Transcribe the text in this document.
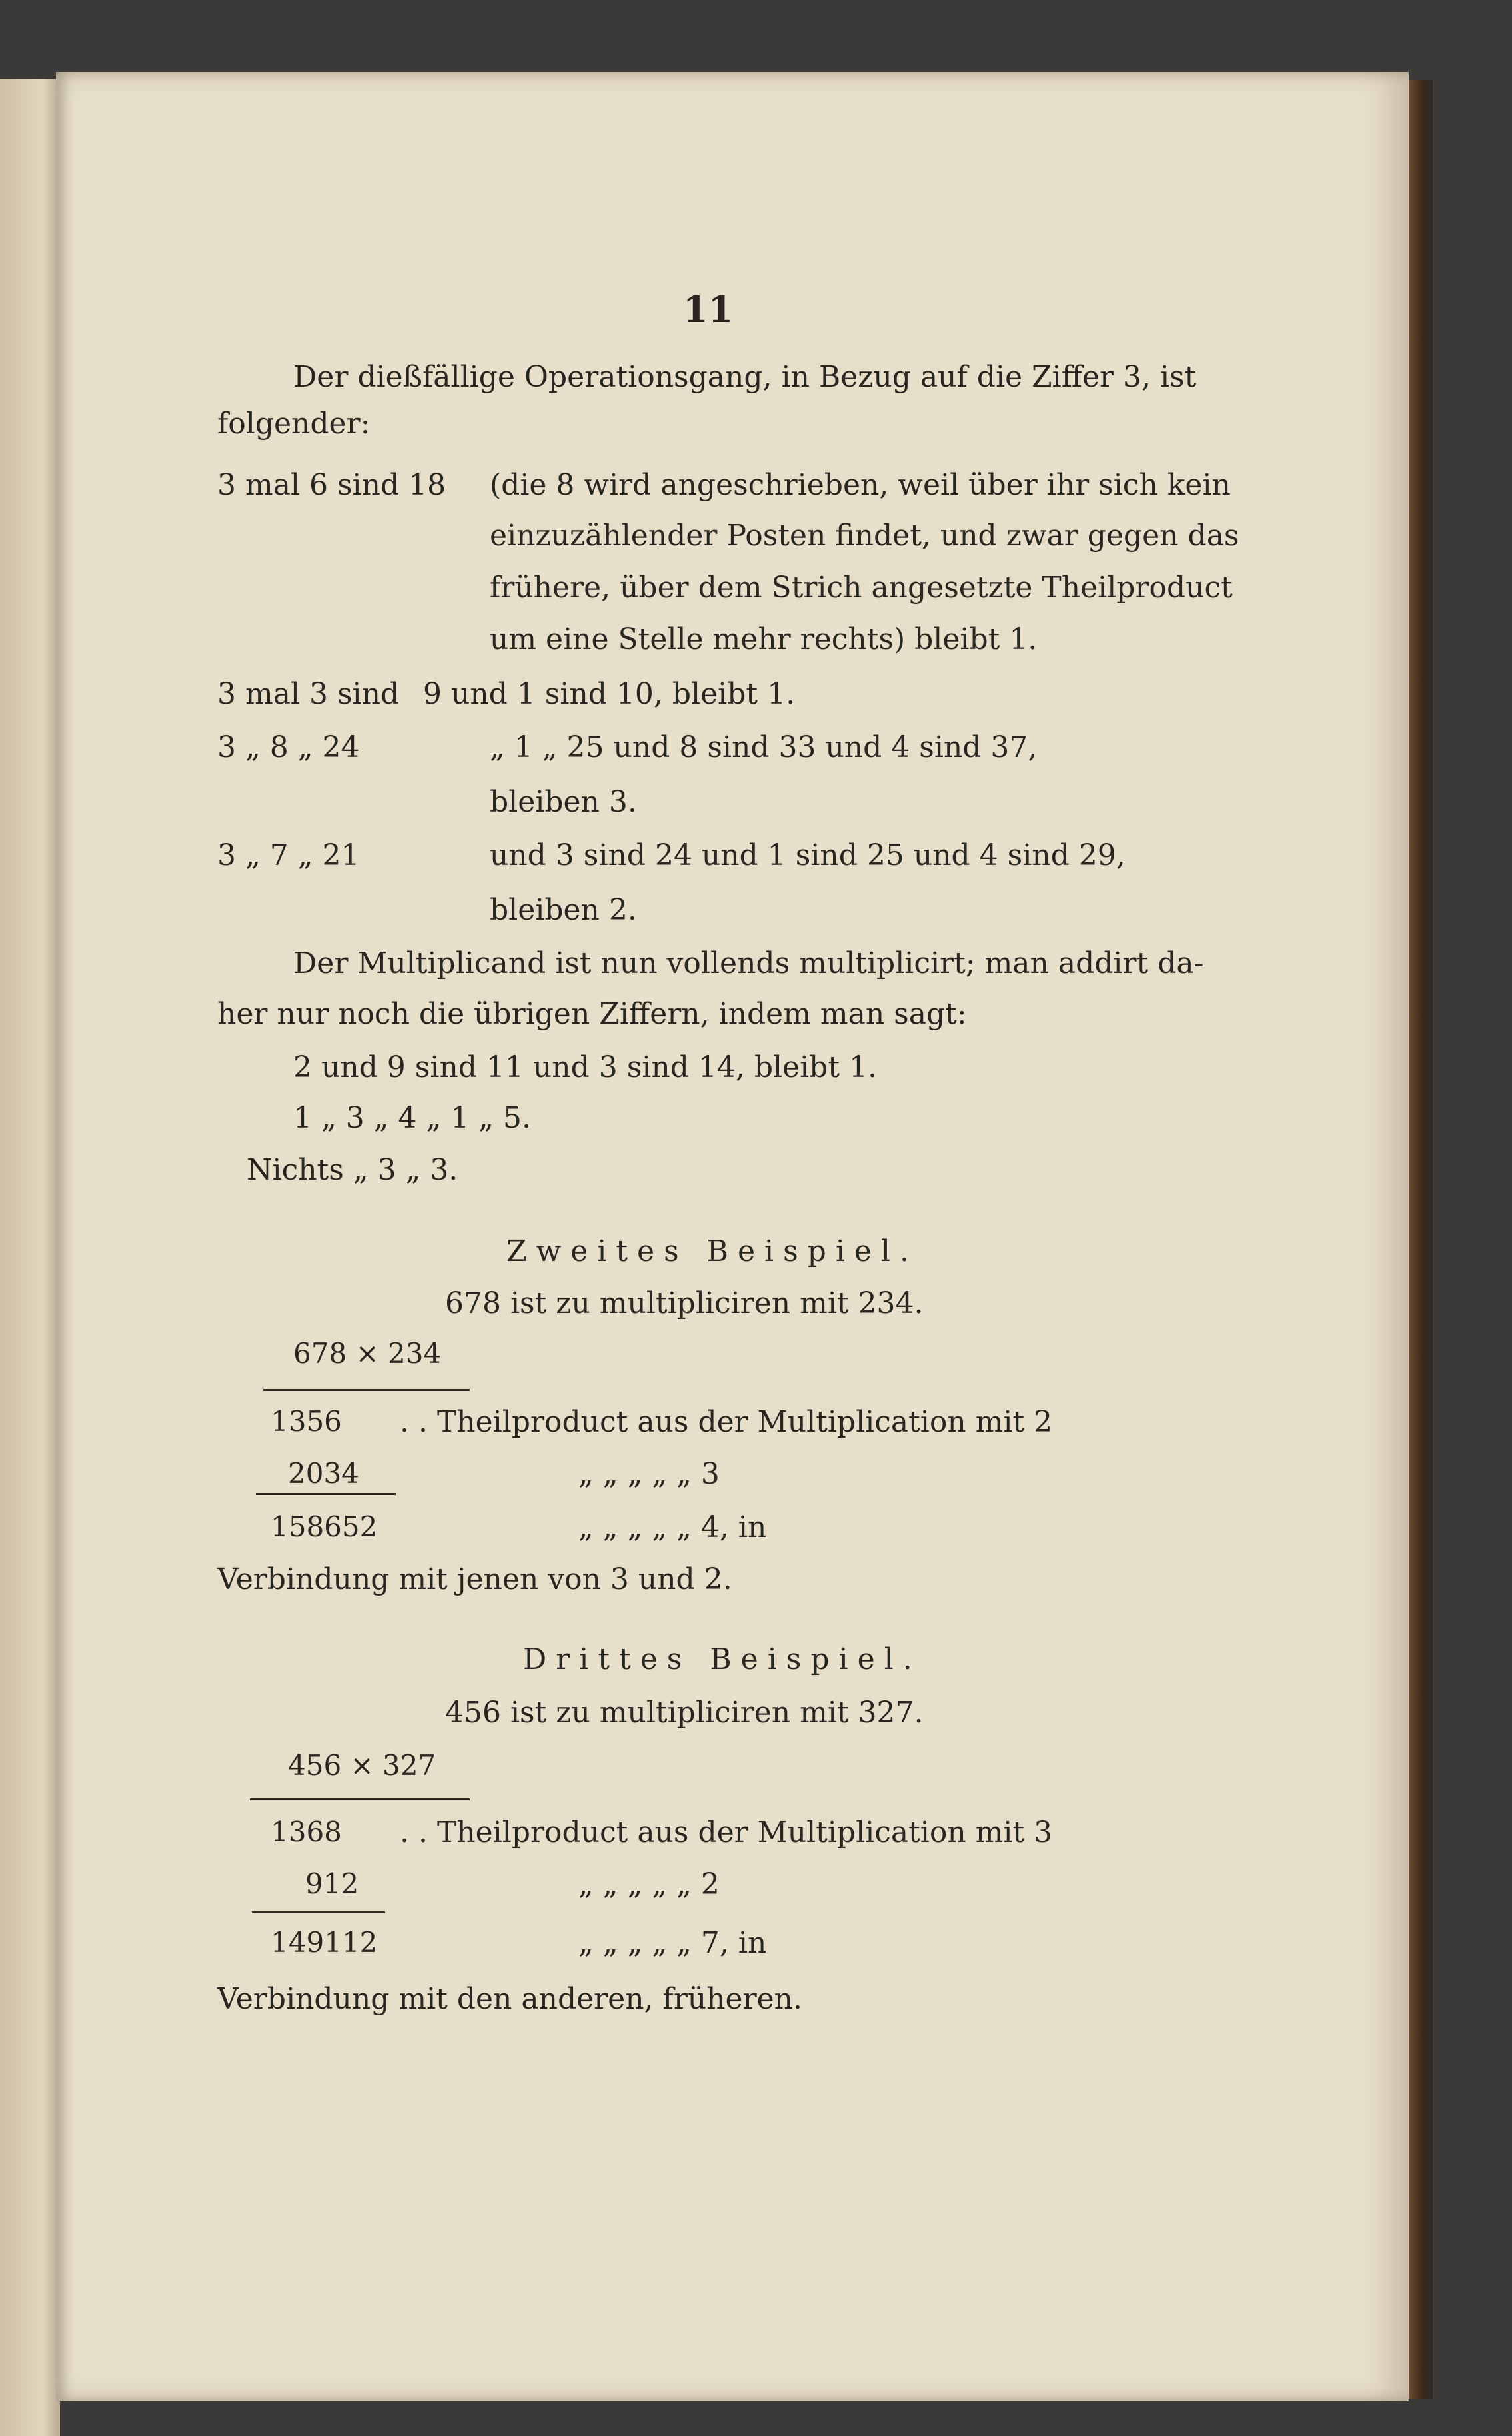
11
Der dießfällige Operationsgang, in Bezug auf die Ziffer 3, ist
folgender:
3 mal 6 sind 18 (die 8 wird angeschrieben, weil über ihr sich kein
einzuzählender Posten findet, und zwar gegen das
frühere, über dem Strich angesetzte Theilproduct
um eine Stelle mehr rechts) bleibt 1.
3 mal 3 sind 9 und 1 sind 10, bleibt 1.
3 „ 8 „ 24	„ 1 „ 25 und 8 sind 33 und 4 sind 37,
bleiben 3.
3 „ 7 „ 21	und 3 sind 24 und 1 sind 25 und 4 sind 29,
bleiben 2.
Der Multiplicand ist nun vollends multiplicirt; man addirt da-
her nur noch die übrigen Ziffern, indem man sagt:
2 und 9 sind 11 und 3 sind 14, bleibt 1.
1 „ 3 „ 4 „ 1 „ 5.
Nichts „ 3 „ 3.
Zweites Beispiel.
678 ist zu multipliciren mit 234.
678 × 234
1356 . . Theilproduct aus der Multiplication mit 2
2034	„ „ „ „ „ 3
158652	„ „ „ „ „ 4, in
Verbindung mit jenen von 3 und 2.
Drittes Beispiel.
456 ist zu multipliciren mit 327.
456 × 327
1368 . . Theilproduct aus der Multiplication mit 3
912	„ „ „ „ „ 2
149112	„ „ „ „ „ 7, in
Verbindung mit den anderen, früheren.
